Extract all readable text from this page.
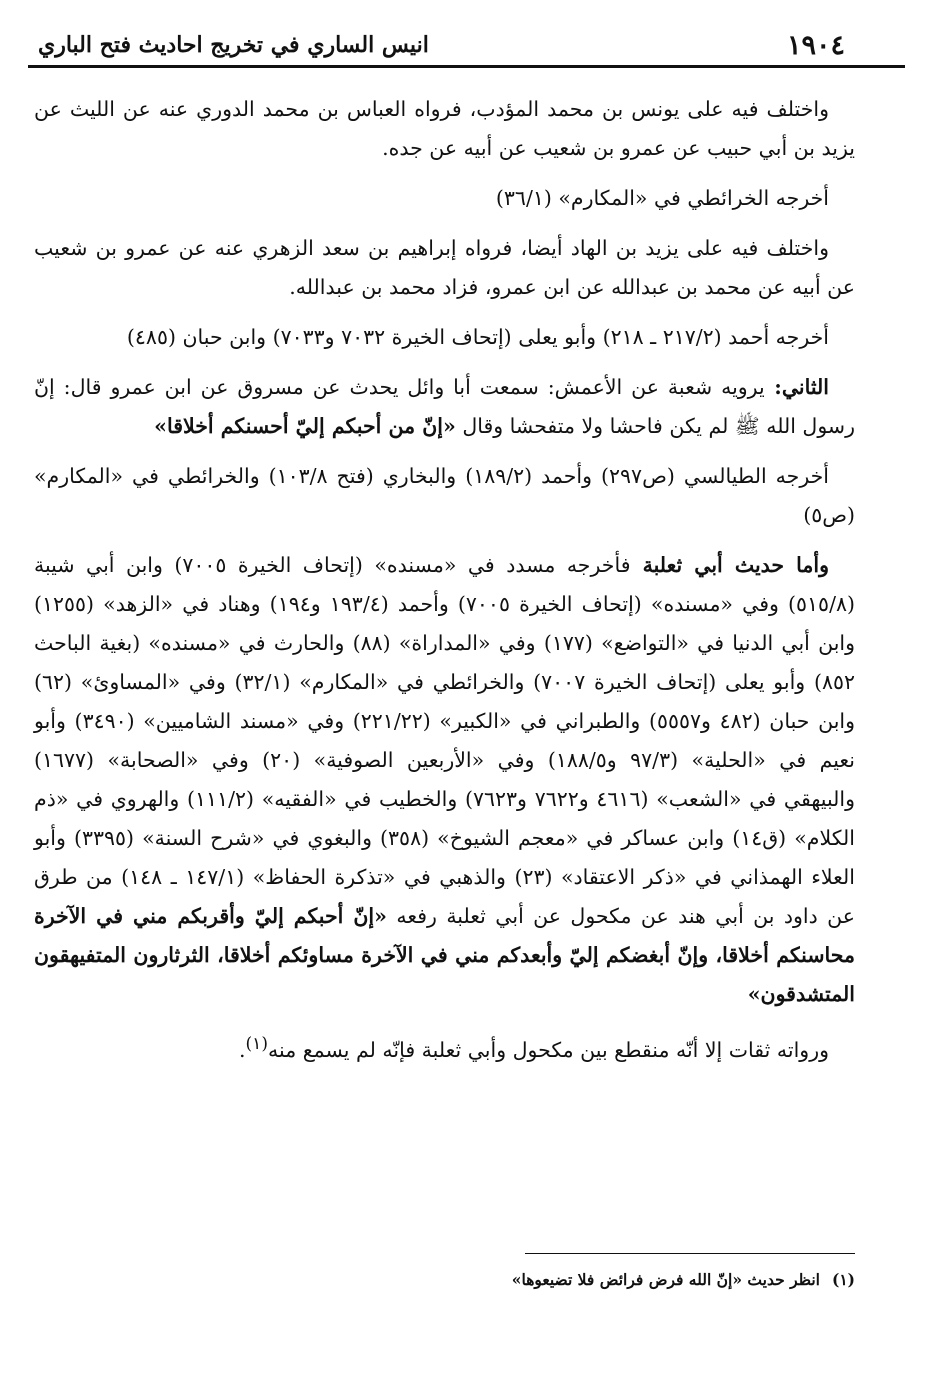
١٩٠٤
انيس الساري في تخريج احاديث فتح الباري

واختلف فيه على يونس بن محمد المؤدب، فرواه العباس بن محمد الدوري عنه عن الليث عن يزيد بن أبي حبيب عن عمرو بن شعيب عن أبيه عن جده.

أخرجه الخرائطي في «المكارم» (٣٦/١)

واختلف فيه على يزيد بن الهاد أيضا، فرواه إبراهيم بن سعد الزهري عنه عن عمرو بن شعيب عن أبيه عن محمد بن عبدالله عن ابن عمرو، فزاد محمد بن عبدالله.

أخرجه أحمد (٢١٧/٢ ـ ٢١٨) وأبو يعلى (إتحاف الخيرة ٧٠٣٢ و٧٠٣٣) وابن حبان (٤٨٥)

الثاني: يرويه شعبة عن الأعمش: سمعت أبا وائل يحدث عن مسروق عن ابن عمرو قال: إنّ رسول الله ﷺ لم يكن فاحشا ولا متفحشا وقال «إنّ من أحبكم إليّ أحسنكم أخلاقا»

أخرجه الطيالسي (ص٢٩٧) وأحمد (١٨٩/٢) والبخاري (فتح ١٠٣/٨) والخرائطي في «المكارم» (ص٥)

وأما حديث أبي ثعلبة فأخرجه مسدد في «مسنده» (إتحاف الخيرة ٧٠٠٥) وابن أبي شيبة (٥١٥/٨) وفي «مسنده» (إتحاف الخيرة ٧٠٠٥) وأحمد (١٩٣/٤ و١٩٤) وهناد في «الزهد» (١٢٥٥) وابن أبي الدنيا في «التواضع» (١٧٧) وفي «المداراة» (٨٨) والحارث في «مسنده» (بغية الباحث ٨٥٢) وأبو يعلى (إتحاف الخيرة ٧٠٠٧) والخرائطي في «المكارم» (٣٢/١) وفي «المساوئ» (٦٢) وابن حبان (٤٨٢ و٥٥٥٧) والطبراني في «الكبير» (٢٢١/٢٢) وفي «مسند الشاميين» (٣٤٩٠) وأبو نعيم في «الحلية» (٩٧/٣ و١٨٨/٥) وفي «الأربعين الصوفية» (٢٠) وفي «الصحابة» (١٦٧٧) والبيهقي في «الشعب» (٤٦١٦ و٧٦٢٢ و٧٦٢٣) والخطيب في «الفقيه» (١١١/٢) والهروي في «ذم الكلام» (ق١٤) وابن عساكر في «معجم الشيوخ» (٣٥٨) والبغوي في «شرح السنة» (٣٣٩٥) وأبو العلاء الهمذاني في «ذكر الاعتقاد» (٢٣) والذهبي في «تذكرة الحفاظ» (١٤٧/١ ـ ١٤٨) من طرق عن داود بن أبي هند عن مكحول عن أبي ثعلبة رفعه «إنّ أحبكم إليّ وأقربكم مني في الآخرة محاسنكم أخلاقا، وإنّ أبغضكم إليّ وأبعدكم مني في الآخرة مساوئكم أخلاقا، الثرثارون المتفيهقون المتشدقون»

ورواته ثقات إلا أنّه منقطع بين مكحول وأبي ثعلبة فإنّه لم يسمع منه$^{(١)}$.

(١)انظر حديث «إنّ الله فرض فرائض فلا تضيعوها»
